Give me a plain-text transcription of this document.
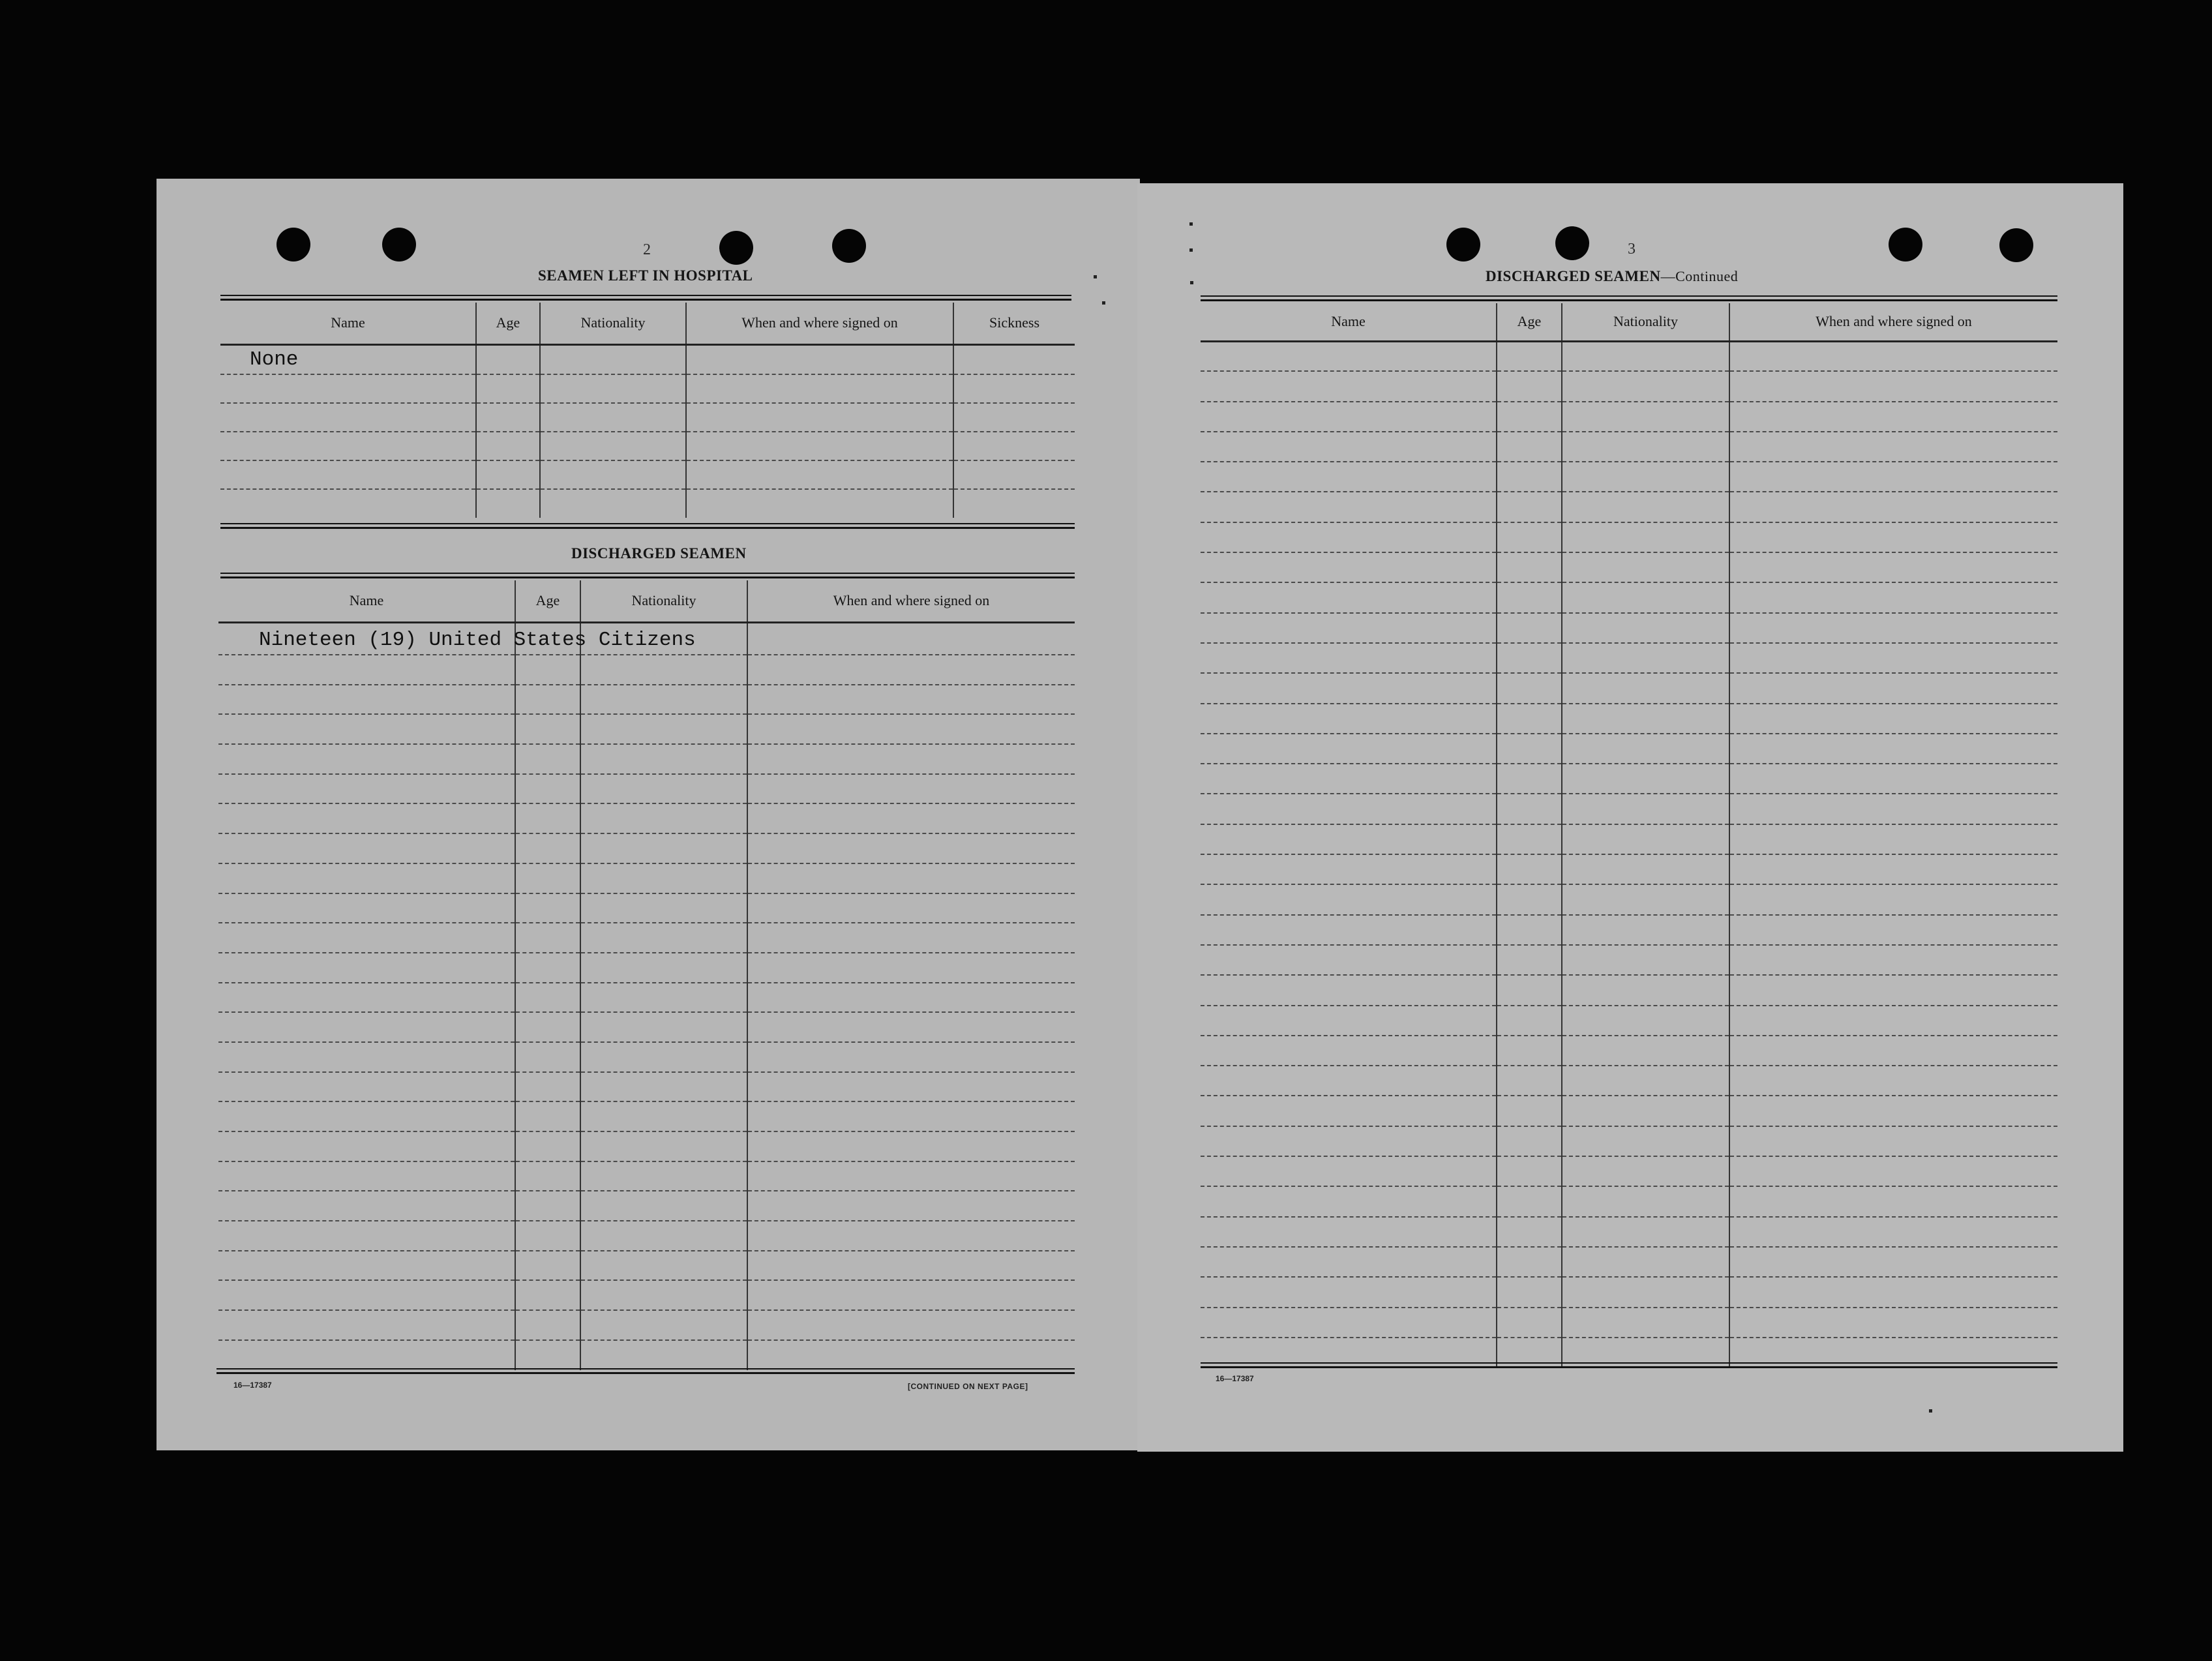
2
SEAMEN LEFT IN HOSPITAL
Name	Age	Nationality	When and where signed on	Sickness
None				

DISCHARGED SEAMEN
Name	Age	Nationality	When and where signed on
Nineteen (19) United States Citizens			

16—17387	[CONTINUED ON NEXT PAGE]
3
DISCHARGED SEAMEN—Continued
Name	Age	Nationality	When and where signed on

16—17387
